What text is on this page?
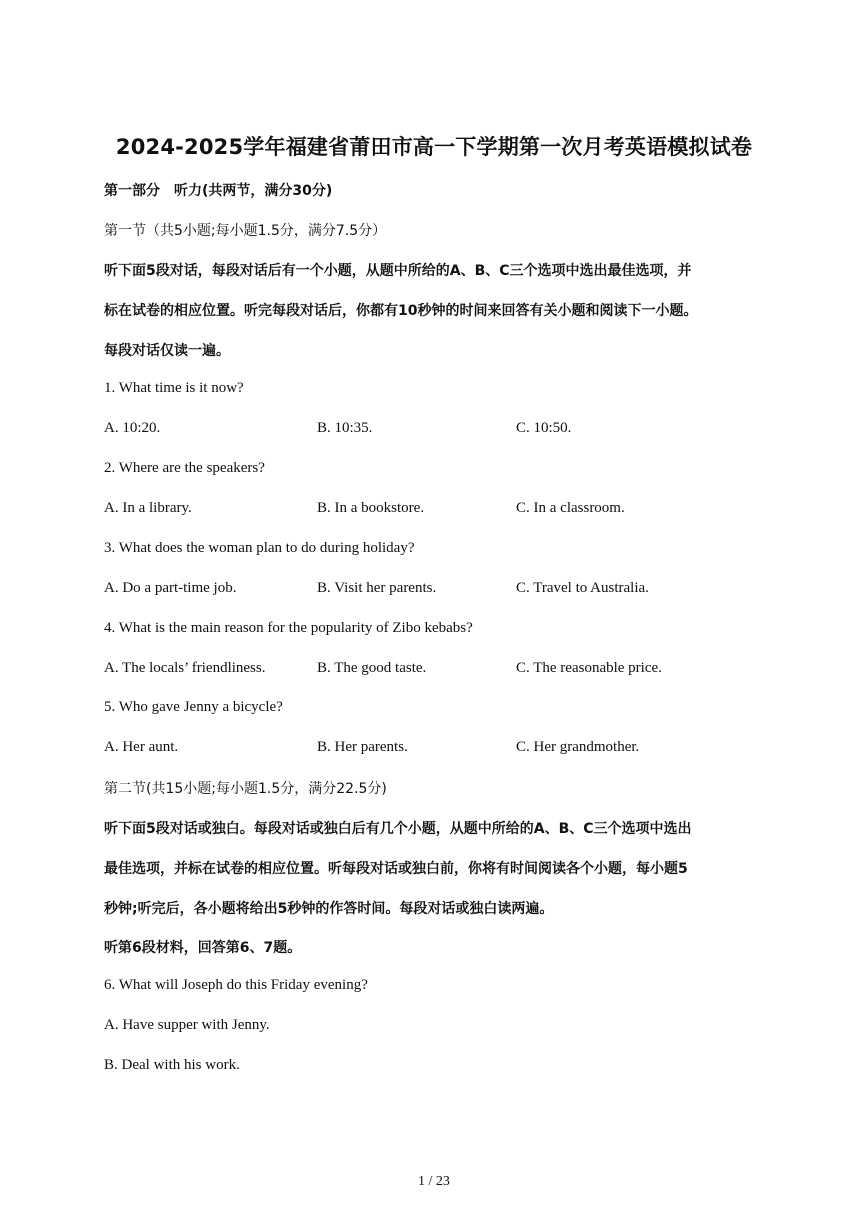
2024-2025学年福建省莆田市高一下学期第一次月考英语模拟试卷
第一部分　听力(共两节，满分30分)
第一节（共5小题;每小题1.5分，满分7.5分）
听下面5段对话，每段对话后有一个小题，从题中所给的A、B、C三个选项中选出最佳选项，并
标在试卷的相应位置。听完每段对话后，你都有10秒钟的时间来回答有关小题和阅读下一小题。
每段对话仅读一遍。
1. What time is it now?
A. 10:20.	B. 10:35.	C. 10:50.
2. Where are the speakers?
A. In a library.	B. In a bookstore.	C. In a classroom.
3. What does the woman plan to do during holiday?
A. Do a part-time job.	B. Visit her parents.	C. Travel to Australia.
4. What is the main reason for the popularity of Zibo kebabs?
A. The locals’ friendliness.	B. The good taste.	C. The reasonable price.
5. Who gave Jenny a bicycle?
A. Her aunt.	B. Her parents.	C. Her grandmother.
第二节(共15小题;每小题1.5分，满分22.5分)
听下面5段对话或独白。每段对话或独白后有几个小题，从题中所给的A、B、C三个选项中选出
最佳选项，并标在试卷的相应位置。听每段对话或独白前，你将有时间阅读各个小题，每小题5
秒钟;听完后，各小题将给出5秒钟的作答时间。每段对话或独白读两遍。
听第6段材料，回答第6、7题。
6. What will Joseph do this Friday evening?
A. Have supper with Jenny.
B. Deal with his work.
1 / 23
